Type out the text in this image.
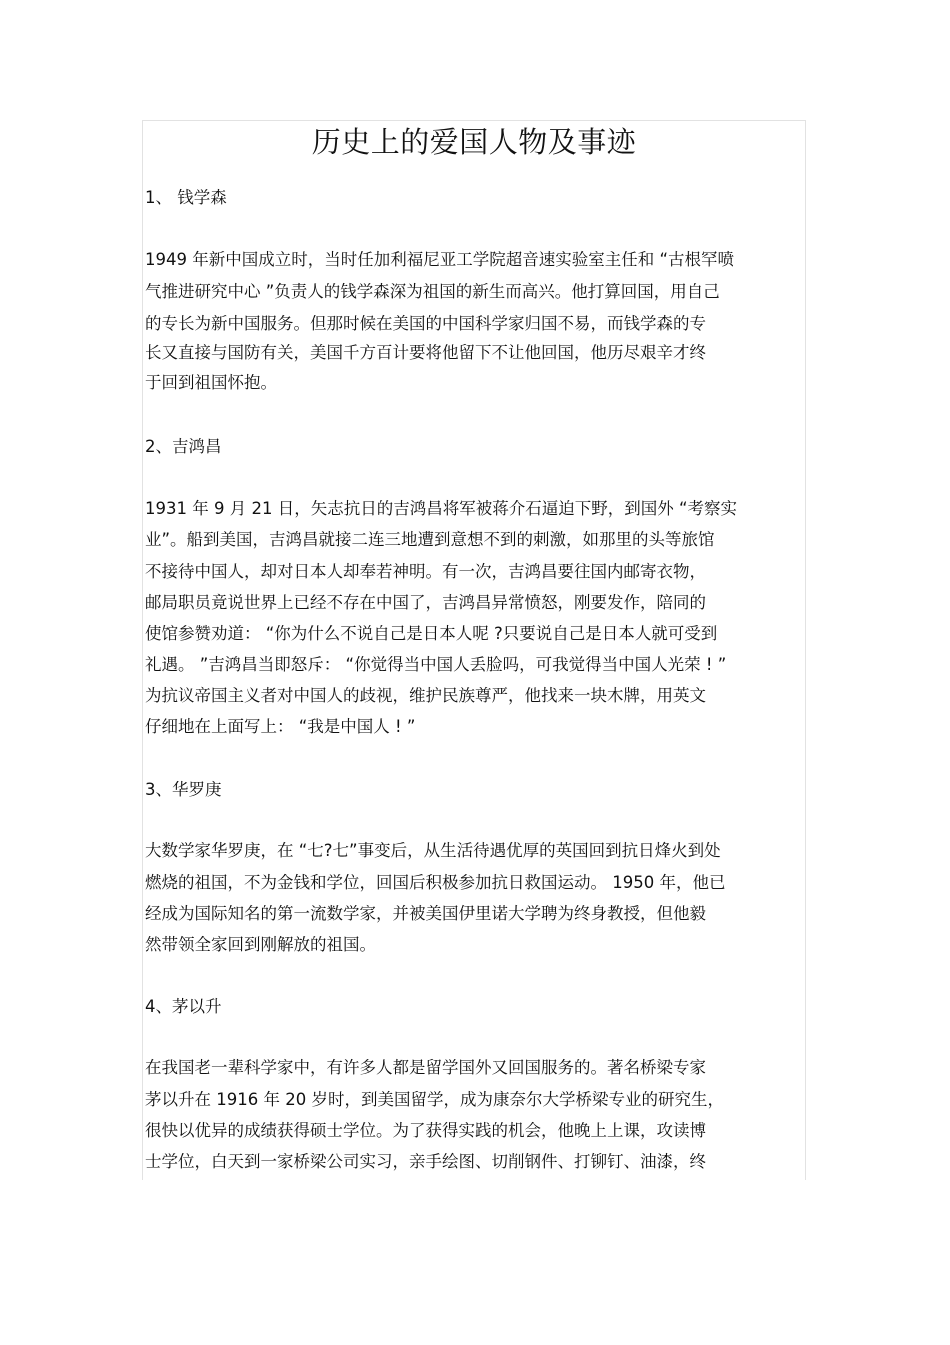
历史上的爱国人物及事迹
1、 钱学森
1949 年新中国成立时，当时任加利福尼亚工学院超音速实验室主任和 “古根罕喷
气推进研究中心 ”负责人的钱学森深为祖国的新生而高兴。他打算回国，用自己
的专长为新中国服务。但那时候在美国的中国科学家归国不易，而钱学森的专
长又直接与国防有关，美国千方百计要将他留下不让他回国，他历尽艰辛才终
于回到祖国怀抱。
2、吉鸿昌
1931 年 9 月 21 日，矢志抗日的吉鸿昌将军被蒋介石逼迫下野，到国外 “考察实
业”。船到美国，吉鸿昌就接二连三地遭到意想不到的刺激，如那里的头等旅馆
不接待中国人，却对日本人却奉若神明。有一次，吉鸿昌要往国内邮寄衣物，
邮局职员竟说世界上已经不存在中国了，吉鸿昌异常愤怒，刚要发作，陪同的
使馆参赞劝道： “你为什么不说自己是日本人呢 ?只要说自己是日本人就可受到
礼遇。 ”吉鸿昌当即怒斥： “你觉得当中国人丢脸吗，可我觉得当中国人光荣 ! ”
为抗议帝国主义者对中国人的歧视，维护民族尊严，他找来一块木牌，用英文
仔细地在上面写上： “我是中国人 ! ”
3、华罗庚
大数学家华罗庚，在 “七?七”事变后，从生活待遇优厚的英国回到抗日烽火到处
燃烧的祖国，不为金钱和学位，回国后积极参加抗日救国运动。 1950 年，他已
经成为国际知名的第一流数学家，并被美国伊里诺大学聘为终身教授，但他毅
然带领全家回到刚解放的祖国。
4、茅以升
在我国老一辈科学家中，有许多人都是留学国外又回国服务的。著名桥梁专家
茅以升在 1916 年 20 岁时，到美国留学，成为康奈尔大学桥梁专业的研究生，
很快以优异的成绩获得硕士学位。为了获得实践的机会，他晚上上课，攻读博
士学位，白天到一家桥梁公司实习，亲手绘图、切削钢件、打铆钉、油漆，终
